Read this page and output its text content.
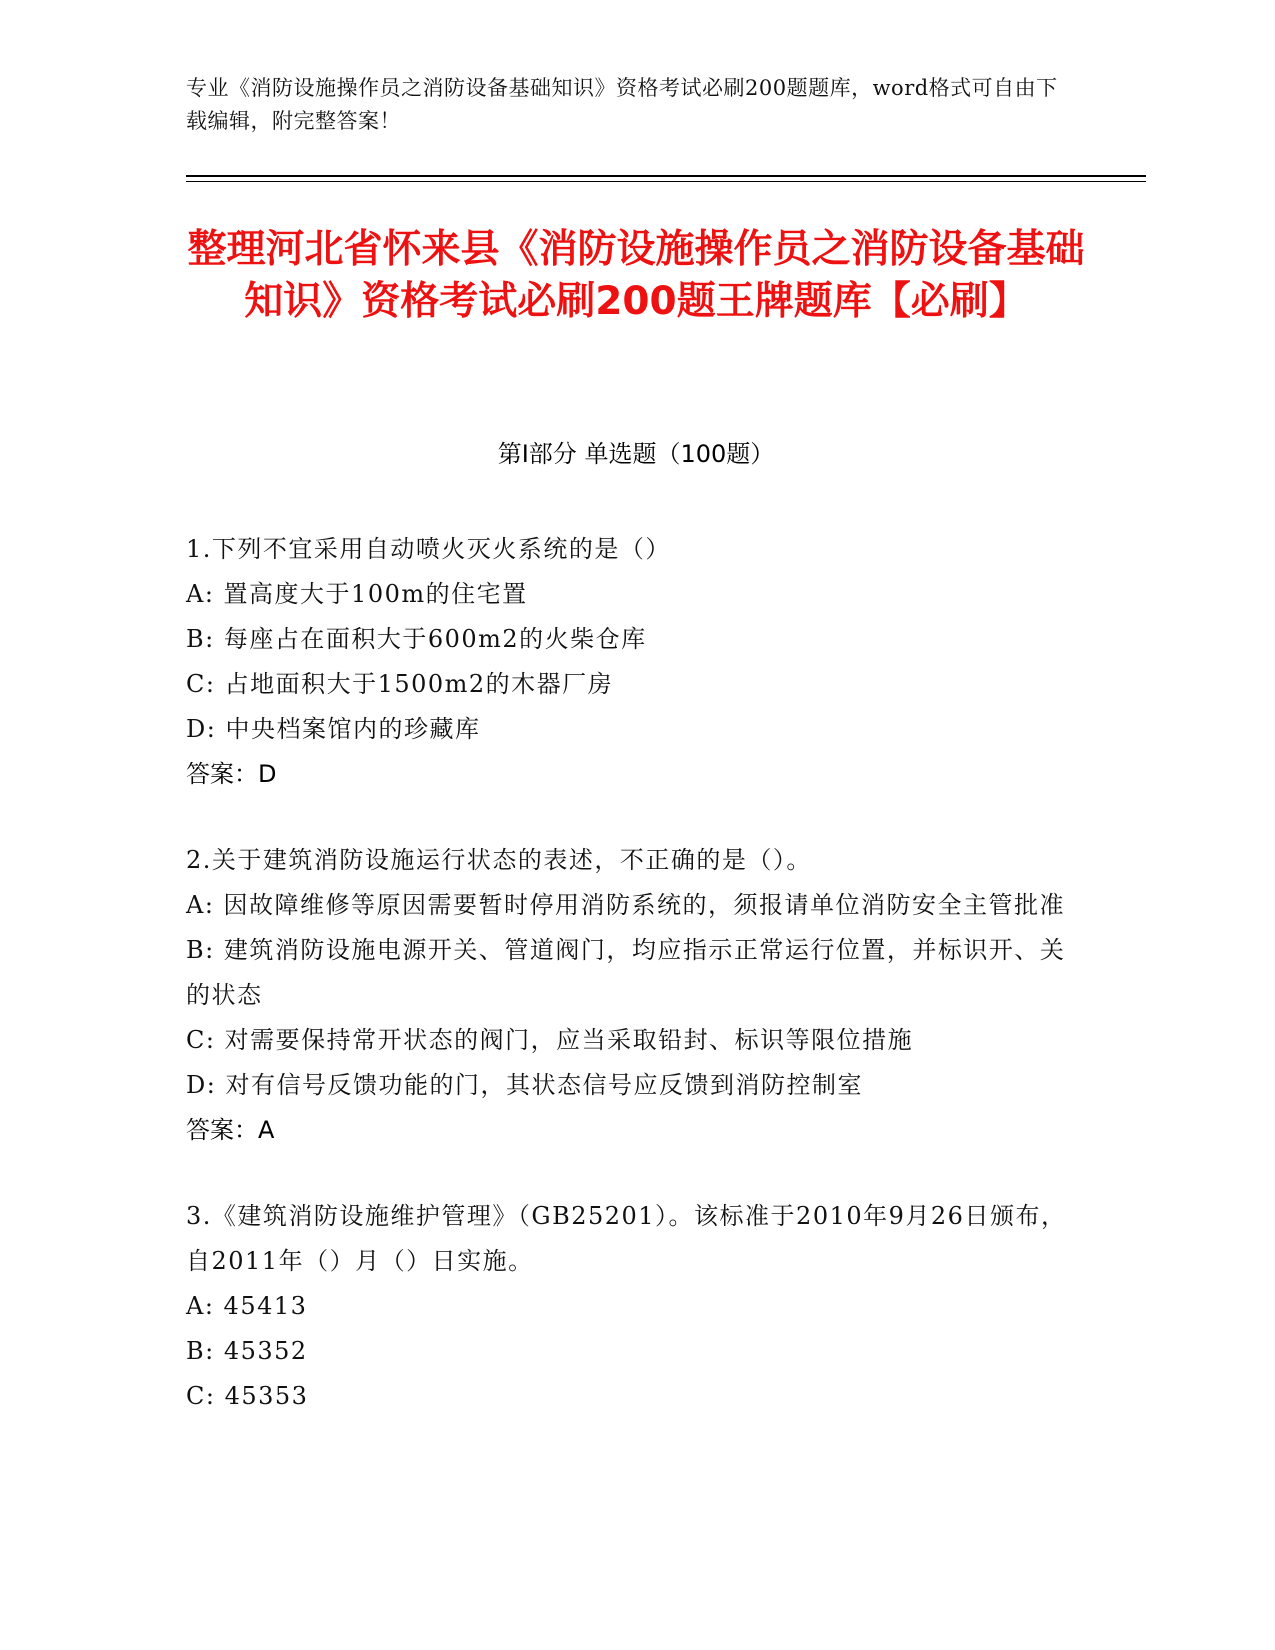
专业《消防设施操作员之消防设备基础知识》资格考试必刷200题题库，word格式可自由下载编辑，附完整答案！
整理河北省怀来县《消防设施操作员之消防设备基础知识》资格考试必刷200题王牌题库【必刷】
第Ⅰ部分 单选题（100题）
1.下列不宜采用自动喷火灭火系统的是（）
A: 置高度大于100m的住宅置
B: 每座占在面积大于600m2的火柴仓库
C: 占地面积大于1500m2的木器厂房
D: 中央档案馆内的珍藏库
答案：D
2.关于建筑消防设施运行状态的表述，不正确的是（）。
A: 因故障维修等原因需要暂时停用消防系统的，须报请单位消防安全主管批准
B: 建筑消防设施电源开关、管道阀门，均应指示正常运行位置，并标识开、关的状态
C: 对需要保持常开状态的阀门，应当采取铅封、标识等限位措施
D: 对有信号反馈功能的门，其状态信号应反馈到消防控制室
答案：A
3.《建筑消防设施维护管理》（GB25201）。该标准于2010年9月26日颁布，自2011年（）月（）日实施。
A: 45413
B: 45352
C: 45353
